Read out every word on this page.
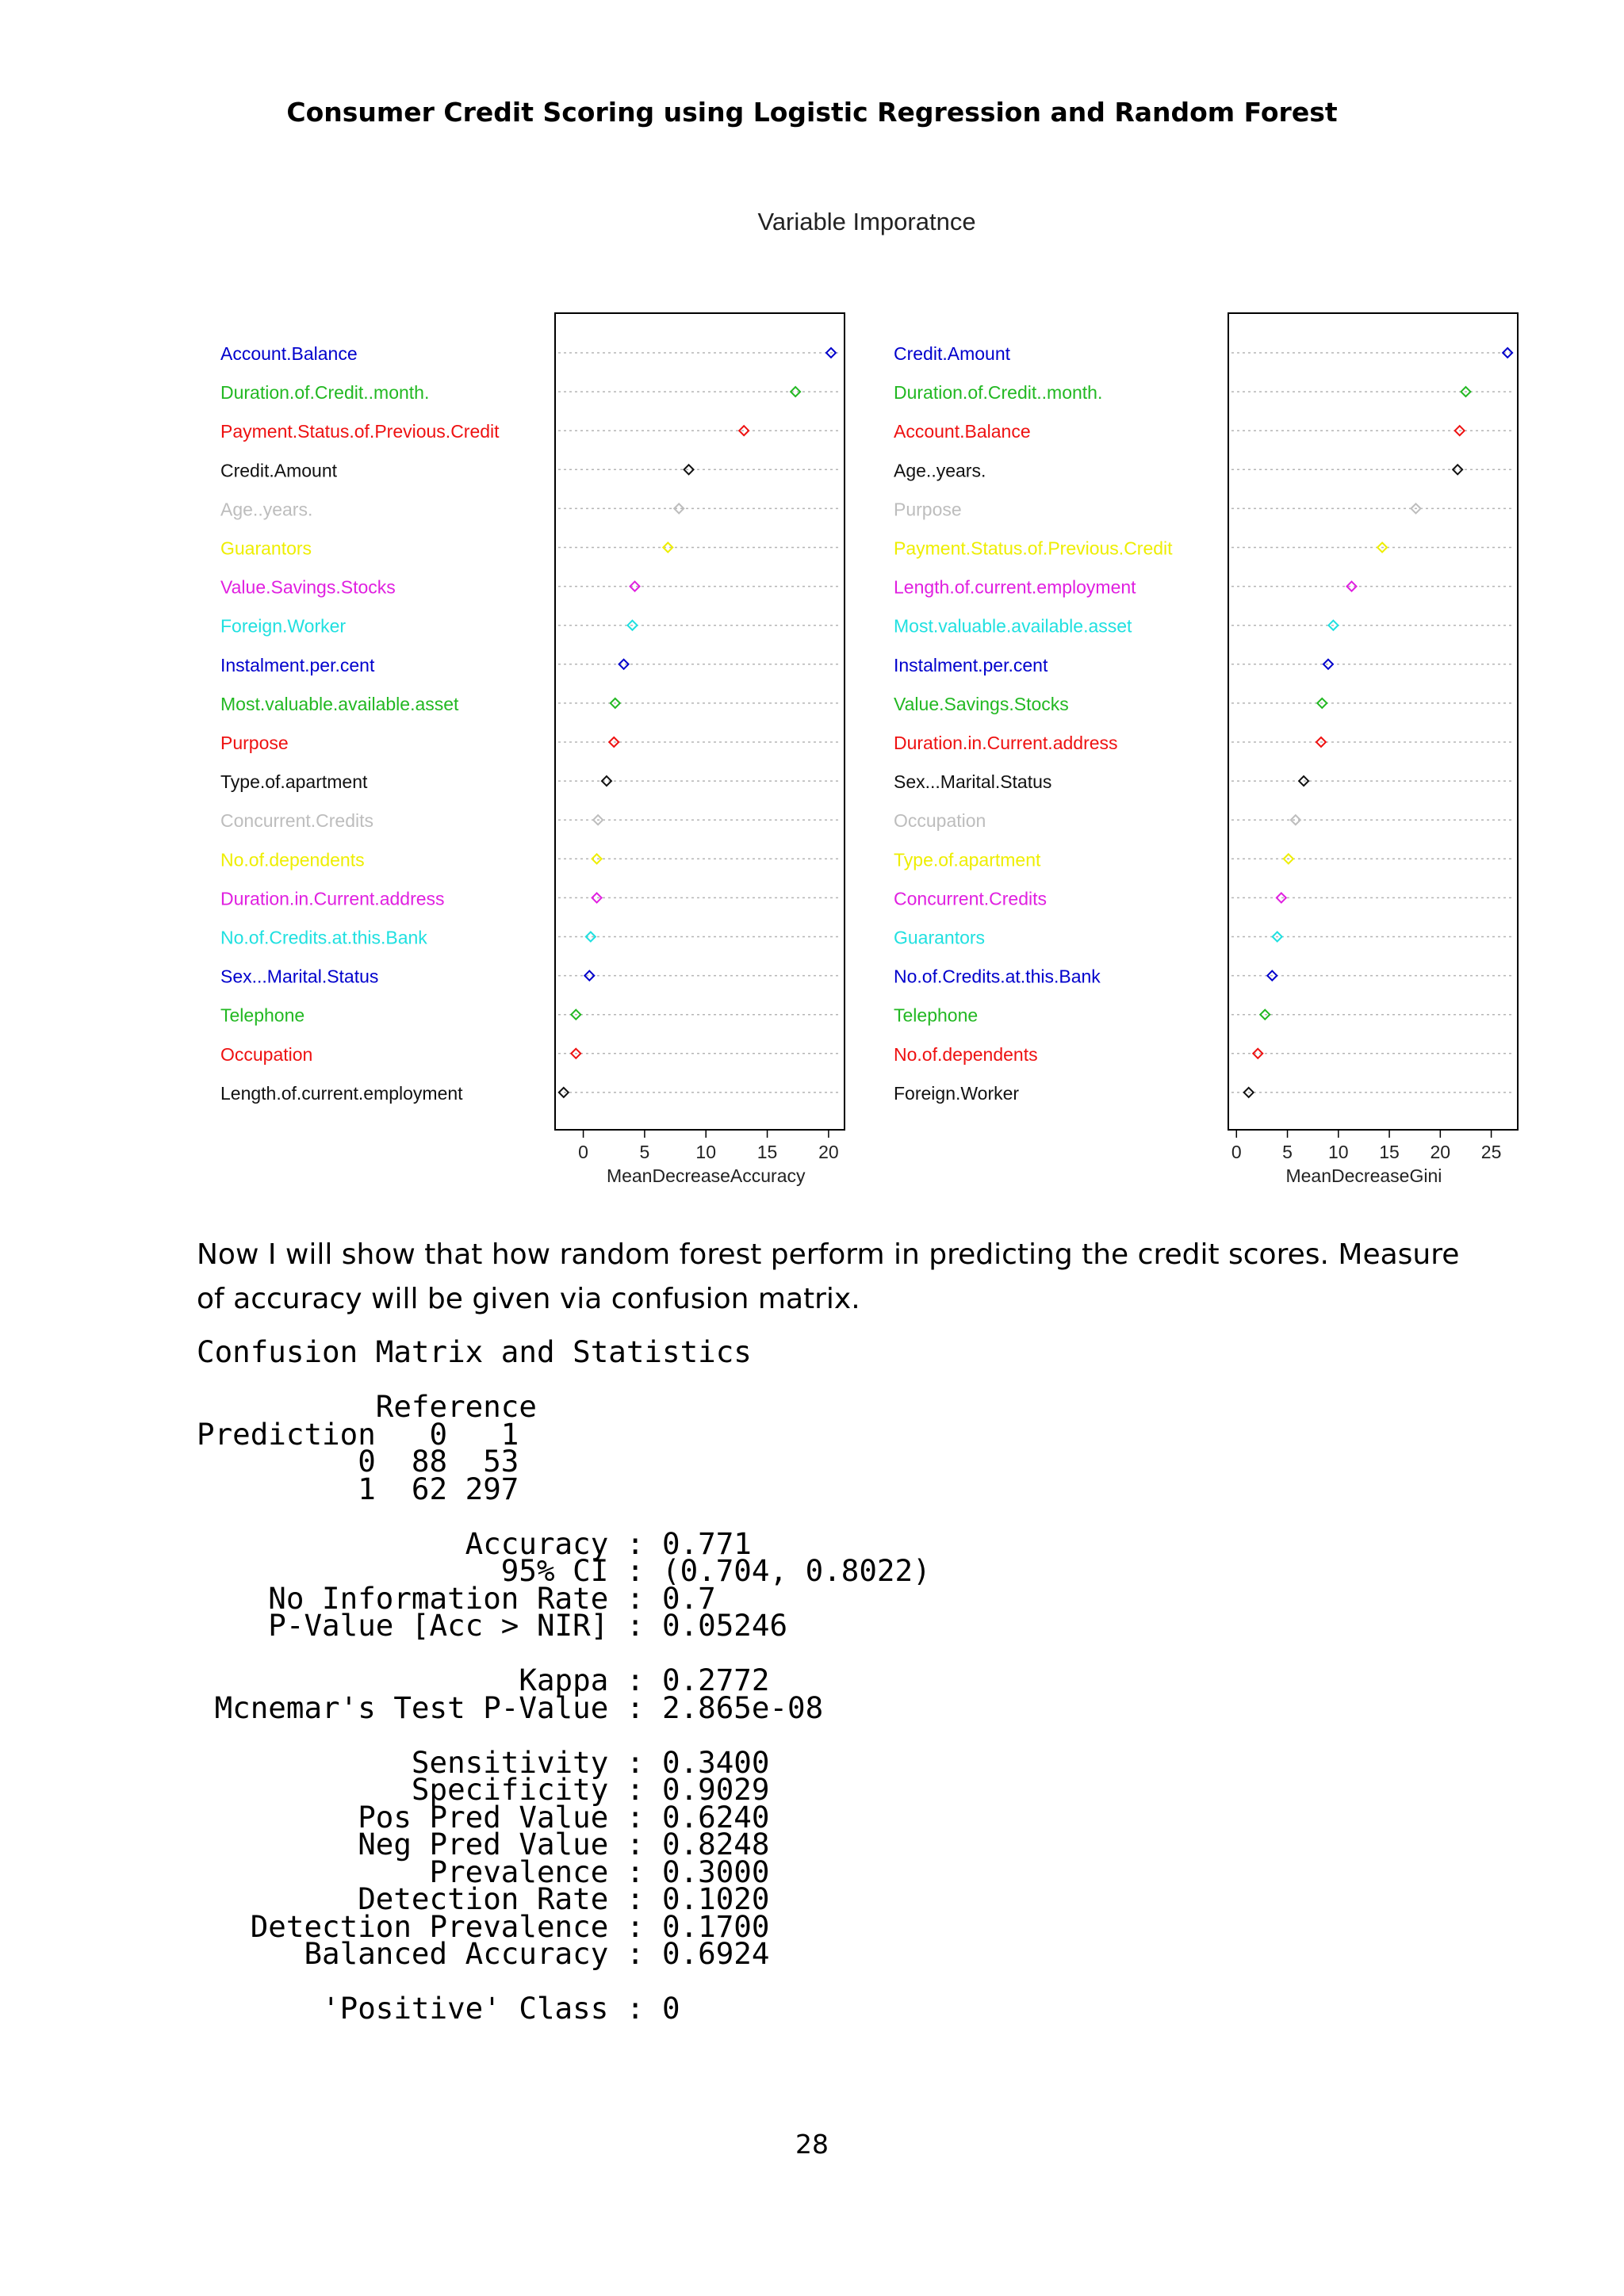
Consumer Credit Scoring using Logistic Regression and Random Forest
Variable Imporatnce
Account.Balance
Duration.of.Credit..month.
Payment.Status.of.Previous.Credit
Credit.Amount
Age..years.
Guarantors
Value.Savings.Stocks
Foreign.Worker
Instalment.per.cent
Most.valuable.available.asset
Purpose
Type.of.apartment
Concurrent.Credits
No.of.dependents
Duration.in.Current.address
No.of.Credits.at.this.Bank
Sex...Marital.Status
Telephone
Occupation
Length.of.current.employment
0	5	10 15 20
MeanDecreaseAccuracy
Credit.Amount
Duration.of.Credit..month.
Account.Balance
Age..years.
Purpose
Payment.Status.of.Previous.Credit
Length.of.current.employment
Most.valuable.available.asset
Instalment.per.cent
Value.Savings.Stocks
Duration.in.Current.address
Sex...Marital.Status
Occupation
Type.of.apartment
Concurrent.Credits
Guarantors
No.of.Credits.at.this.Bank
Telephone
No.of.dependents
Foreign.Worker
0 5 10 15 20 25
MeanDecreaseGini
Now I will show that how random forest perform in predicting the credit scores. Measure of accuracy will be given via confusion matrix.
Confusion Matrix and Statistics
Reference
Prediction   0   1
0  88  53
1  62 297
Accuracy : 0.771
95% CI : (0.704, 0.8022)
No Information Rate : 0.7
P-Value [Acc > NIR] : 0.05246
Kappa : 0.2772
Mcnemar's Test P-Value : 2.865e-08
Sensitivity : 0.3400
Specificity : 0.9029
Pos Pred Value : 0.6240
Neg Pred Value : 0.8248
Prevalence : 0.3000
Detection Rate : 0.1020
Detection Prevalence : 0.1700
Balanced Accuracy : 0.6924
'Positive' Class : 0
28
